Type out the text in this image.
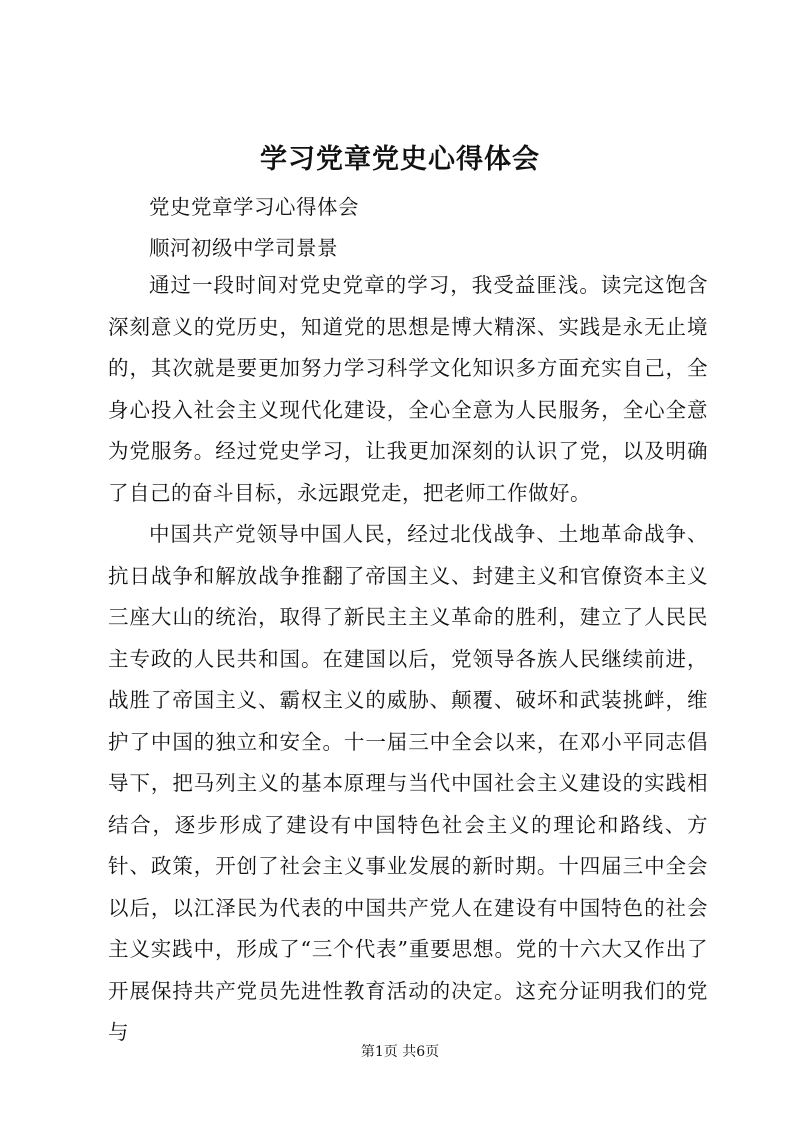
学习党章党史心得体会
党史党章学习心得体会
顺河初级中学司景景
通过一段时间对党史党章的学习，我受益匪浅。读完这饱含深刻意义的党历史，知道党的思想是博大精深、实践是永无止境的，其次就是要更加努力学习科学文化知识多方面充实自己，全身心投入社会主义现代化建设，全心全意为人民服务，全心全意为党服务。经过党史学习，让我更加深刻的认识了党，以及明确了自己的奋斗目标，永远跟党走，把老师工作做好。
中国共产党领导中国人民，经过北伐战争、土地革命战争、抗日战争和解放战争推翻了帝国主义、封建主义和官僚资本主义三座大山的统治，取得了新民主主义革命的胜利，建立了人民民主专政的人民共和国。在建国以后，党领导各族人民继续前进，战胜了帝国主义、霸权主义的威胁、颠覆、破坏和武装挑衅，维护了中国的独立和安全。十一届三中全会以来，在邓小平同志倡导下，把马列主义的基本原理与当代中国社会主义建设的实践相结合，逐步形成了建设有中国特色社会主义的理论和路线、方针、政策，开创了社会主义事业发展的新时期。十四届三中全会以后，以江泽民为代表的中国共产党人在建设有中国特色的社会主义实践中，形成了“三个代表”重要思想。党的十六大又作出了开展保持共产党员先进性教育活动的决定。这充分证明我们的党与
第1页 共6页
